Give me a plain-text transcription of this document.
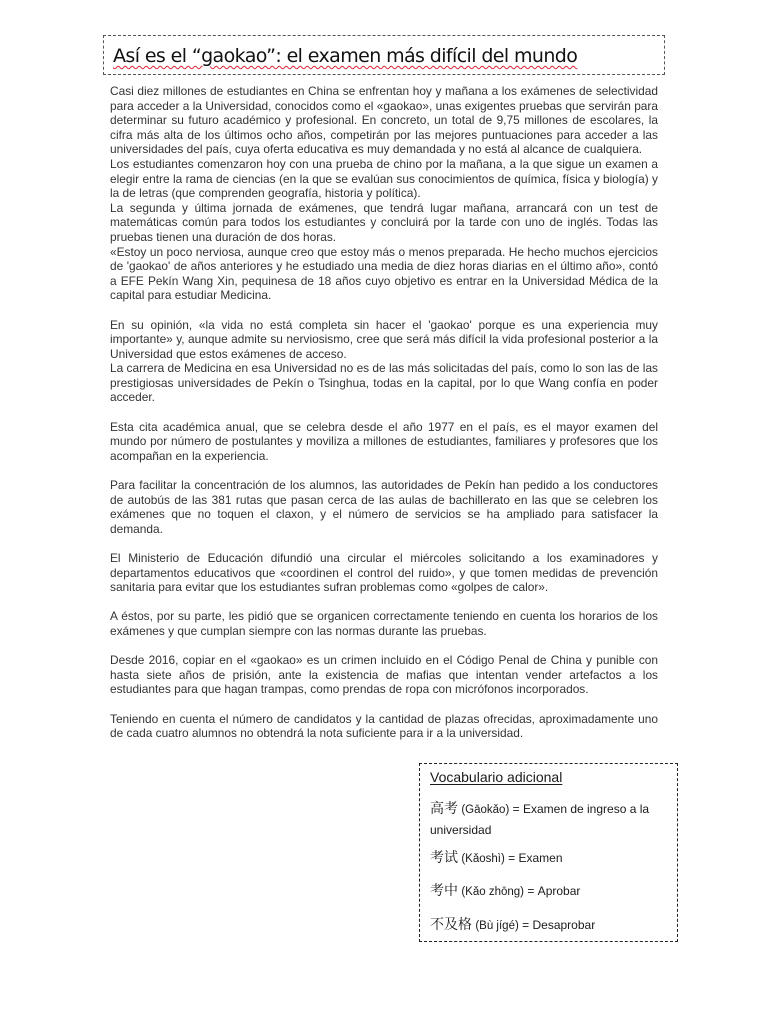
Así es el “gaokao”: el examen más difícil del mundo

Casi diez millones de estudiantes en China se enfrentan hoy y mañana a los exámenes de selectividad para acceder a la Universidad, conocidos como el «gaokao», unas exigentes pruebas que servirán para determinar su futuro académico y profesional. En concreto, un total de 9,75 millones de escolares, la cifra más alta de los últimos ocho años, competirán por las mejores puntuaciones para acceder a las universidades del país, cuya oferta educativa es muy demandada y no está al alcance de cualquiera.

Los estudiantes comenzaron hoy con una prueba de chino por la mañana, a la que sigue un examen a elegir entre la rama de ciencias (en la que se evalúan sus conocimientos de química, física y biología) y la de letras (que comprenden geografía, historia y política).

La segunda y última jornada de exámenes, que tendrá lugar mañana, arrancará con un test de matemáticas común para todos los estudiantes y concluirá por la tarde con uno de inglés. Todas las pruebas tienen una duración de dos horas.

«Estoy un poco nerviosa, aunque creo que estoy más o menos preparada. He hecho muchos ejercicios de 'gaokao' de años anteriores y he estudiado una media de diez horas diarias en el último año», contó a EFE Pekín Wang Xin, pequinesa de 18 años cuyo objetivo es entrar en la Universidad Médica de la capital para estudiar Medicina.

En su opinión, «la vida no está completa sin hacer el 'gaokao' porque es una experiencia muy importante» y, aunque admite su nerviosismo, cree que será más difícil la vida profesional posterior a la Universidad que estos exámenes de acceso.

La carrera de Medicina en esa Universidad no es de las más solicitadas del país, como lo son las de las prestigiosas universidades de Pekín o Tsinghua, todas en la capital, por lo que Wang confía en poder acceder.

Esta cita académica anual, que se celebra desde el año 1977 en el país, es el mayor examen del mundo por número de postulantes y moviliza a millones de estudiantes, familiares y profesores que los acompañan en la experiencia.

Para facilitar la concentración de los alumnos, las autoridades de Pekín han pedido a los conductores de autobús de las 381 rutas que pasan cerca de las aulas de bachillerato en las que se celebren los exámenes que no toquen el claxon, y el número de servicios se ha ampliado para satisfacer la demanda.

El Ministerio de Educación difundió una circular el miércoles solicitando a los examinadores y departamentos educativos que «coordinen el control del ruido», y que tomen medidas de prevención sanitaria para evitar que los estudiantes sufran problemas como «golpes de calor».

A éstos, por su parte, les pidió que se organicen correctamente teniendo en cuenta los horarios de los exámenes y que cumplan siempre con las normas durante las pruebas.

Desde 2016, copiar en el «gaokao» es un crimen incluido en el Código Penal de China y punible con hasta siete años de prisión, ante la existencia de mafias que intentan vender artefactos a los estudiantes para que hagan trampas, como prendas de ropa con micrófonos incorporados.

Teniendo en cuenta el número de candidatos y la cantidad de plazas ofrecidas, aproximadamente uno de cada cuatro alumnos no obtendrá la nota suficiente para ir a la universidad.

Vocabulario adicional
高考 (Gāokǎo) = Examen de ingreso a la universidad
考试 (Kǎoshì) = Examen
考中 (Kǎo zhōng) = Aprobar
不及格 (Bù jígé) = Desaprobar
